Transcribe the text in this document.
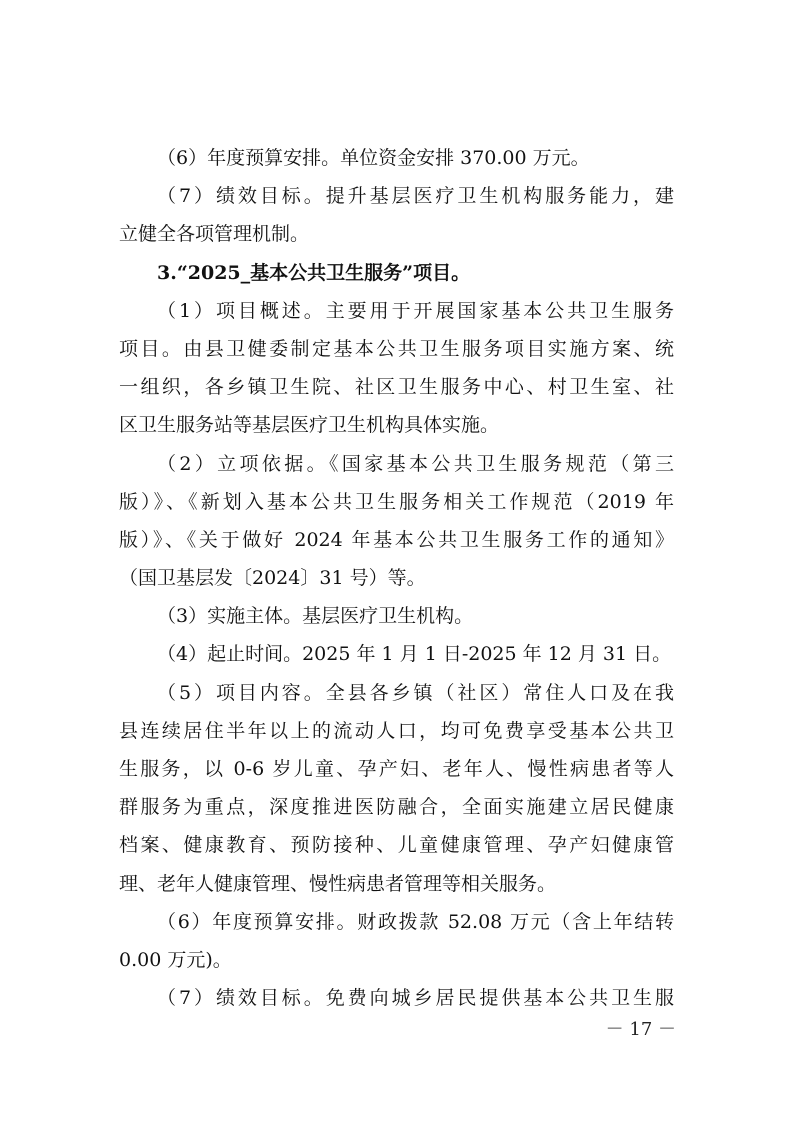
（6）年度预算安排。单位资金安排 370.00 万元。
（7）绩效目标。提升基层医疗卫生机构服务能力，建
立健全各项管理机制。
3.“2025_基本公共卫生服务”项目。
（1）项目概述。主要用于开展国家基本公共卫生服务
项目。由县卫健委制定基本公共卫生服务项目实施方案、统
一组织，各乡镇卫生院、社区卫生服务中心、村卫生室、社
区卫生服务站等基层医疗卫生机构具体实施。
（2）立项依据。《国家基本公共卫生服务规范（第三
版）》、《新划入基本公共卫生服务相关工作规范（2019 年
版）》、《关于做好 2024 年基本公共卫生服务工作的通知》
（国卫基层发〔2024〕31 号）等。
（3）实施主体。基层医疗卫生机构。
（4）起止时间。2025 年 1 月 1 日-2025 年 12 月 31 日。
（5）项目内容。全县各乡镇（社区）常住人口及在我
县连续居住半年以上的流动人口，均可免费享受基本公共卫
生服务，以 0-6 岁儿童、孕产妇、老年人、慢性病患者等人
群服务为重点，深度推进医防融合，全面实施建立居民健康
档案、健康教育、预防接种、儿童健康管理、孕产妇健康管
理、老年人健康管理、慢性病患者管理等相关服务。
（6）年度预算安排。财政拨款 52.08 万元（含上年结转
0.00 万元)。
（7）绩效目标。免费向城乡居民提供基本公共卫生服
－ 17 －
